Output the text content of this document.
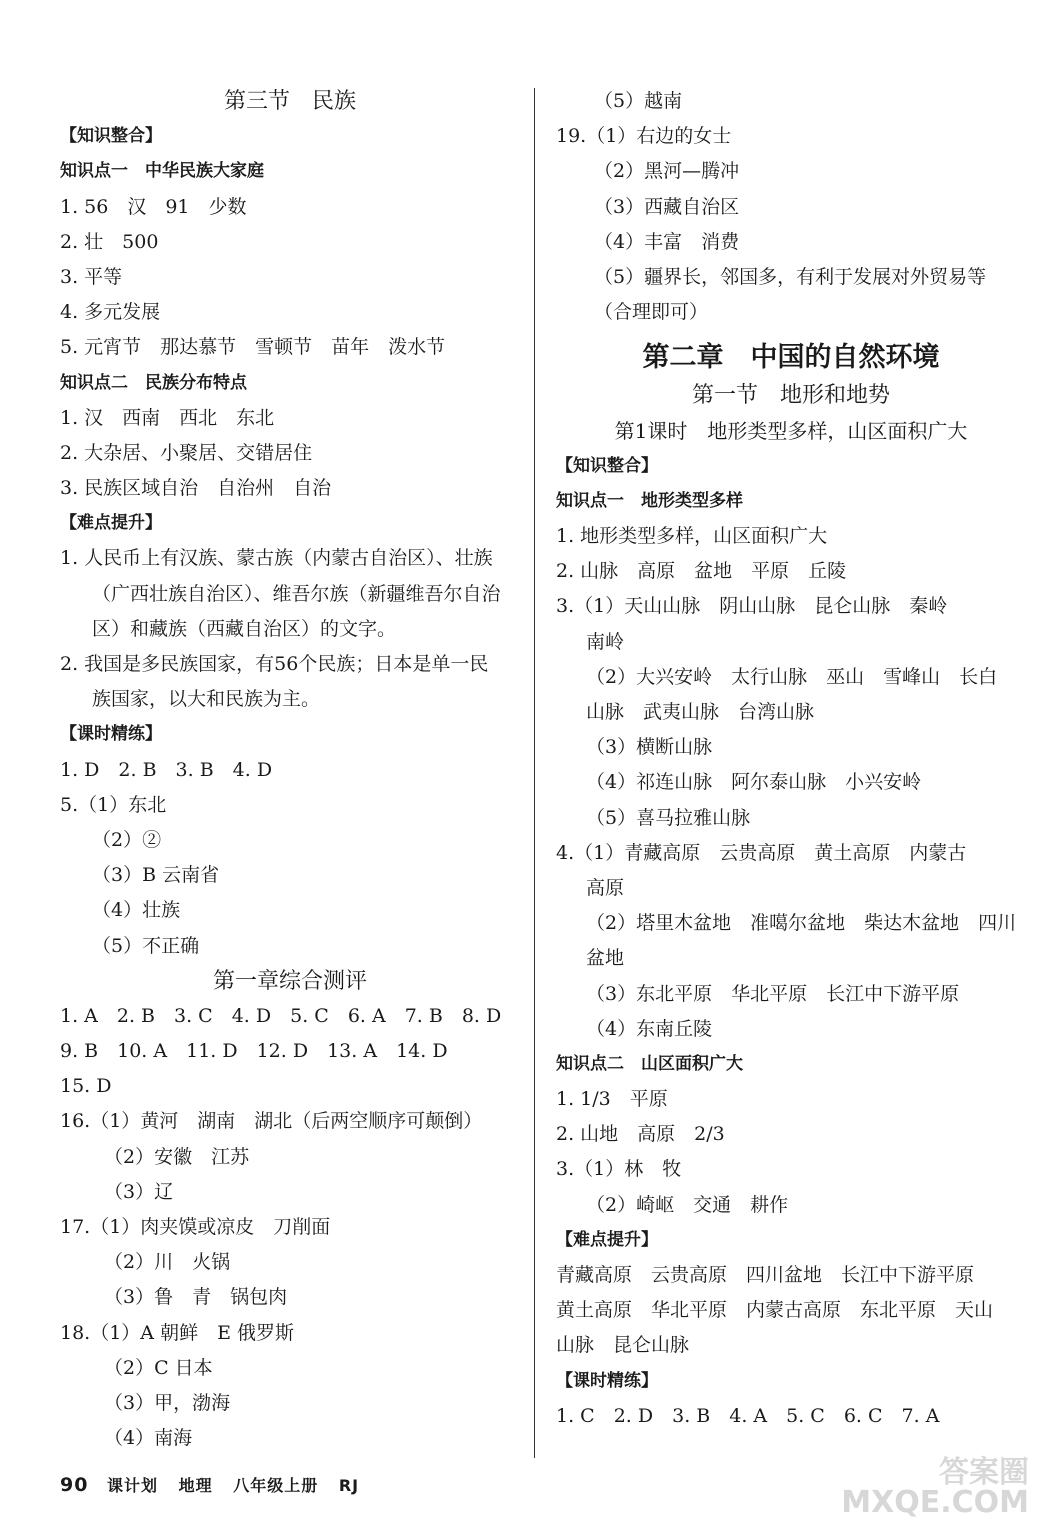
第三节　民族
【知识整合】
知识点一　中华民族大家庭
1. 56　汉　91　少数
2. 壮　500
3. 平等
4. 多元发展
5. 元宵节　那达慕节　雪顿节　苗年　泼水节
知识点二　民族分布特点
1. 汉　西南　西北　东北
2. 大杂居、小聚居、交错居住
3. 民族区域自治　自治州　自治
【难点提升】
1. 人民币上有汉族、蒙古族（内蒙古自治区）、壮族
（广西壮族自治区）、维吾尔族（新疆维吾尔自治
区）和藏族（西藏自治区）的文字。
2. 我国是多民族国家，有56个民族；日本是单一民
族国家，以大和民族为主。
【课时精练】
1. D　2. B　3. B　4. D
5.（1）东北
（2）②
（3）B 云南省
（4）壮族
（5）不正确
第一章综合测评
1. A　2. B　3. C　4. D　5. C　6. A　7. B　8. D
9. B　10. A　11. D　12. D　13. A　14. D
15. D
16.（1）黄河　湖南　湖北（后两空顺序可颠倒）
（2）安徽　江苏
（3）辽
17.（1）肉夹馍或凉皮　刀削面
（2）川　火锅
（3）鲁　青　锅包肉
18.（1）A 朝鲜　E 俄罗斯
（2）C 日本
（3）甲，渤海
（4）南海
（5）越南
19.（1）右边的女士
（2）黑河—腾冲
（3）西藏自治区
（4）丰富　消费
（5）疆界长，邻国多，有利于发展对外贸易等
（合理即可）
第二章　中国的自然环境
第一节　地形和地势
第1课时　地形类型多样，山区面积广大
【知识整合】
知识点一　地形类型多样
1. 地形类型多样，山区面积广大
2. 山脉　高原　盆地　平原　丘陵
3.（1）天山山脉　阴山山脉　昆仑山脉　秦岭
南岭
（2）大兴安岭　太行山脉　巫山　雪峰山　长白
山脉　武夷山脉　台湾山脉
（3）横断山脉
（4）祁连山脉　阿尔泰山脉　小兴安岭
（5）喜马拉雅山脉
4.（1）青藏高原　云贵高原　黄土高原　内蒙古
高原
（2）塔里木盆地　准噶尔盆地　柴达木盆地　四川
盆地
（3）东北平原　华北平原　长江中下游平原
（4）东南丘陵
知识点二　山区面积广大
1. 1/3　平原
2. 山地　高原　2/3
3.（1）林　牧
（2）崎岖　交通　耕作
【难点提升】
青藏高原　云贵高原　四川盆地　长江中下游平原
黄土高原　华北平原　内蒙古高原　东北平原　天山
山脉　昆仑山脉
【课时精练】
1. C　2. D　3. B　4. A　5. C　6. C　7. A
90 课计划 地理 八年级上册 RJ	答案圈
MXQE.COM
